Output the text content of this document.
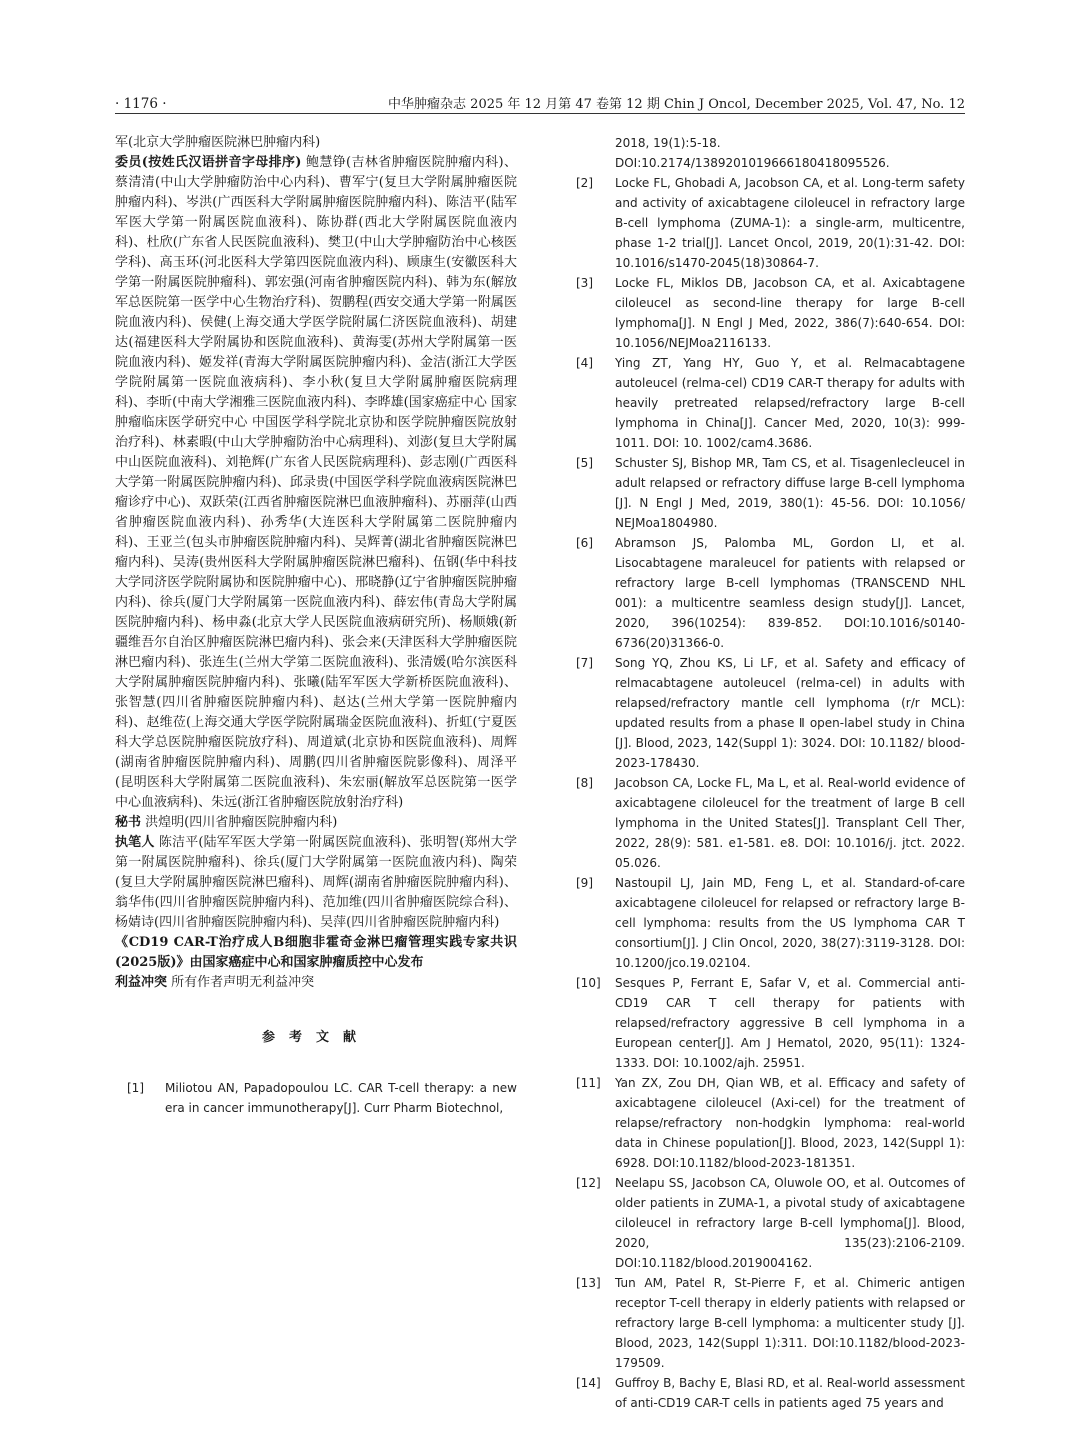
· 1176 ·	中华肿瘤杂志 2025 年 12 月第 47 卷第 12 期 Chin J Oncol, December 2025, Vol. 47, No. 12

军(北京大学肿瘤医院淋巴肿瘤内科)

委员(按姓氏汉语拼音字母排序) 鲍慧铮(吉林省肿瘤医院肿瘤内科)、蔡清清(中山大学肿瘤防治中心内科)、曹军宁(复旦大学附属肿瘤医院肿瘤内科)、岑洪(广西医科大学附属肿瘤医院肿瘤内科)、陈洁平(陆军军医大学第一附属医院血液科)、陈协群(西北大学附属医院血液内科)、杜欣(广东省人民医院血液科)、樊卫(中山大学肿瘤防治中心核医学科)、高玉环(河北医科大学第四医院血液内科)、顾康生(安徽医科大学第一附属医院肿瘤科)、郭宏强(河南省肿瘤医院内科)、韩为东(解放军总医院第一医学中心生物治疗科)、贺鹏程(西安交通大学第一附属医院血液内科)、侯健(上海交通大学医学院附属仁济医院血液科)、胡建达(福建医科大学附属协和医院血液科)、黄海雯(苏州大学附属第一医院血液内科)、姬发祥(青海大学附属医院肿瘤内科)、金洁(浙江大学医学院附属第一医院血液病科)、李小秋(复旦大学附属肿瘤医院病理科)、李昕(中南大学湘雅三医院血液内科)、李晔雄(国家癌症中心 国家肿瘤临床医学研究中心 中国医学科学院北京协和医学院肿瘤医院放射治疗科)、林素暇(中山大学肿瘤防治中心病理科)、刘澎(复旦大学附属中山医院血液科)、刘艳辉(广东省人民医院病理科)、彭志刚(广西医科大学第一附属医院肿瘤内科)、邱录贵(中国医学科学院血液病医院淋巴瘤诊疗中心)、双跃荣(江西省肿瘤医院淋巴血液肿瘤科)、苏丽萍(山西省肿瘤医院血液内科)、孙秀华(大连医科大学附属第二医院肿瘤内科)、王亚兰(包头市肿瘤医院肿瘤内科)、吴辉菁(湖北省肿瘤医院淋巴瘤内科)、吴涛(贵州医科大学附属肿瘤医院淋巴瘤科)、伍钢(华中科技大学同济医学院附属协和医院肿瘤中心)、邢晓静(辽宁省肿瘤医院肿瘤内科)、徐兵(厦门大学附属第一医院血液内科)、薛宏伟(青岛大学附属医院肿瘤内科)、杨申淼(北京大学人民医院血液病研究所)、杨顺娥(新疆维吾尔自治区肿瘤医院淋巴瘤内科)、张会来(天津医科大学肿瘤医院淋巴瘤内科)、张连生(兰州大学第二医院血液科)、张清媛(哈尔滨医科大学附属肿瘤医院肿瘤内科)、张曦(陆军军医大学新桥医院血液科)、张智慧(四川省肿瘤医院肿瘤内科)、赵达(兰州大学第一医院肿瘤内科)、赵维莅(上海交通大学医学院附属瑞金医院血液科)、折虹(宁夏医科大学总医院肿瘤医院放疗科)、周道斌(北京协和医院血液科)、周辉(湖南省肿瘤医院肿瘤内科)、周鹏(四川省肿瘤医院影像科)、周泽平(昆明医科大学附属第二医院血液科)、朱宏丽(解放军总医院第一医学中心血液病科)、朱远(浙江省肿瘤医院放射治疗科)

秘书 洪煌明(四川省肿瘤医院肿瘤内科)

执笔人 陈洁平(陆军军医大学第一附属医院血液科)、张明智(郑州大学第一附属医院肿瘤科)、徐兵(厦门大学附属第一医院血液内科)、陶荣(复旦大学附属肿瘤医院淋巴瘤科)、周辉(湖南省肿瘤医院肿瘤内科)、翁华伟(四川省肿瘤医院肿瘤内科)、范加维(四川省肿瘤医院综合科)、杨婧诗(四川省肿瘤医院肿瘤内科)、吴萍(四川省肿瘤医院肿瘤内科)

《CD19 CAR-T治疗成人B细胞非霍奇金淋巴瘤管理实践专家共识(2025版)》由国家癌症中心和国家肿瘤质控中心发布

利益冲突 所有作者声明无利益冲突

参考文献
[1]	Miliotou AN, Papadopoulou LC. CAR T-cell therapy: a new era in cancer immunotherapy[J]. Curr Pharm Biotechnol,
2018, 19(1):5-18. DOI:10.2174/1389201019666180418095526.
[2]	Locke FL, Ghobadi A, Jacobson CA, et al. Long-term safety and activity of axicabtagene ciloleucel in refractory large B-cell lymphoma (ZUMA-1): a single-arm, multicentre, phase 1-2 trial[J]. Lancet Oncol, 2019, 20(1):31-42. DOI: 10.1016/s1470-2045(18)30864-7.
[3]	Locke FL, Miklos DB, Jacobson CA, et al. Axicabtagene ciloleucel as second-line therapy for large B-cell lymphoma[J]. N Engl J Med, 2022, 386(7):640-654. DOI: 10.1056/NEJMoa2116133.
[4]	Ying ZT, Yang HY, Guo Y, et al. Relmacabtagene autoleucel (relma-cel) CD19 CAR-T therapy for adults with heavily pretreated relapsed/refractory large B-cell lymphoma in China[J]. Cancer Med, 2020, 10(3): 999-1011. DOI: 10. 1002/cam4.3686.
[5]	Schuster SJ, Bishop MR, Tam CS, et al. Tisagenlecleucel in adult relapsed or refractory diffuse large B-cell lymphoma [J]. N Engl J Med, 2019, 380(1): 45-56. DOI: 10.1056/ NEJMoa1804980.
[6]	Abramson JS, Palomba ML, Gordon LI, et al. Lisocabtagene maraleucel for patients with relapsed or refractory large B-cell lymphomas (TRANSCEND NHL 001): a multicentre seamless design study[J]. Lancet, 2020, 396(10254): 839-852. DOI:10.1016/s0140-6736(20)31366-0.
[7]	Song YQ, Zhou KS, Li LF, et al. Safety and efficacy of relmacabtagene autoleucel (relma-cel) in adults with relapsed/refractory mantle cell lymphoma (r/r MCL): updated results from a phase Ⅱ open-label study in China [J]. Blood, 2023, 142(Suppl 1): 3024. DOI: 10.1182/ blood-2023-178430.
[8]	Jacobson CA, Locke FL, Ma L, et al. Real-world evidence of axicabtagene ciloleucel for the treatment of large B cell lymphoma in the United States[J]. Transplant Cell Ther, 2022, 28(9): 581. e1-581. e8. DOI: 10.1016/j. jtct. 2022. 05.026.
[9]	Nastoupil LJ, Jain MD, Feng L, et al. Standard-of-care axicabtagene ciloleucel for relapsed or refractory large B-cell lymphoma: results from the US lymphoma CAR T consortium[J]. J Clin Oncol, 2020, 38(27):3119-3128. DOI: 10.1200/jco.19.02104.
[10]	Sesques P, Ferrant E, Safar V, et al. Commercial anti-CD19 CAR T cell therapy for patients with relapsed/refractory aggressive B cell lymphoma in a European center[J]. Am J Hematol, 2020, 95(11): 1324-1333. DOI: 10.1002/ajh. 25951.
[11]	Yan ZX, Zou DH, Qian WB, et al. Efficacy and safety of axicabtagene ciloleucel (Axi-cel) for the treatment of relapse/refractory non-hodgkin lymphoma: real-world data in Chinese population[J]. Blood, 2023, 142(Suppl 1): 6928. DOI:10.1182/blood-2023-181351.
[12]	Neelapu SS, Jacobson CA, Oluwole OO, et al. Outcomes of older patients in ZUMA-1, a pivotal study of axicabtagene ciloleucel in refractory large B-cell lymphoma[J]. Blood, 2020, 135(23):2106-2109. DOI:10.1182/blood.2019004162.
[13]	Tun AM, Patel R, St-Pierre F, et al. Chimeric antigen receptor T-cell therapy in elderly patients with relapsed or refractory large B-cell lymphoma: a multicenter study [J]. Blood, 2023, 142(Suppl 1):311. DOI:10.1182/blood-2023-179509.
[14]	Guffroy B, Bachy E, Blasi RD, et al. Real-world assessment of anti-CD19 CAR-T cells in patients aged 75 years and
